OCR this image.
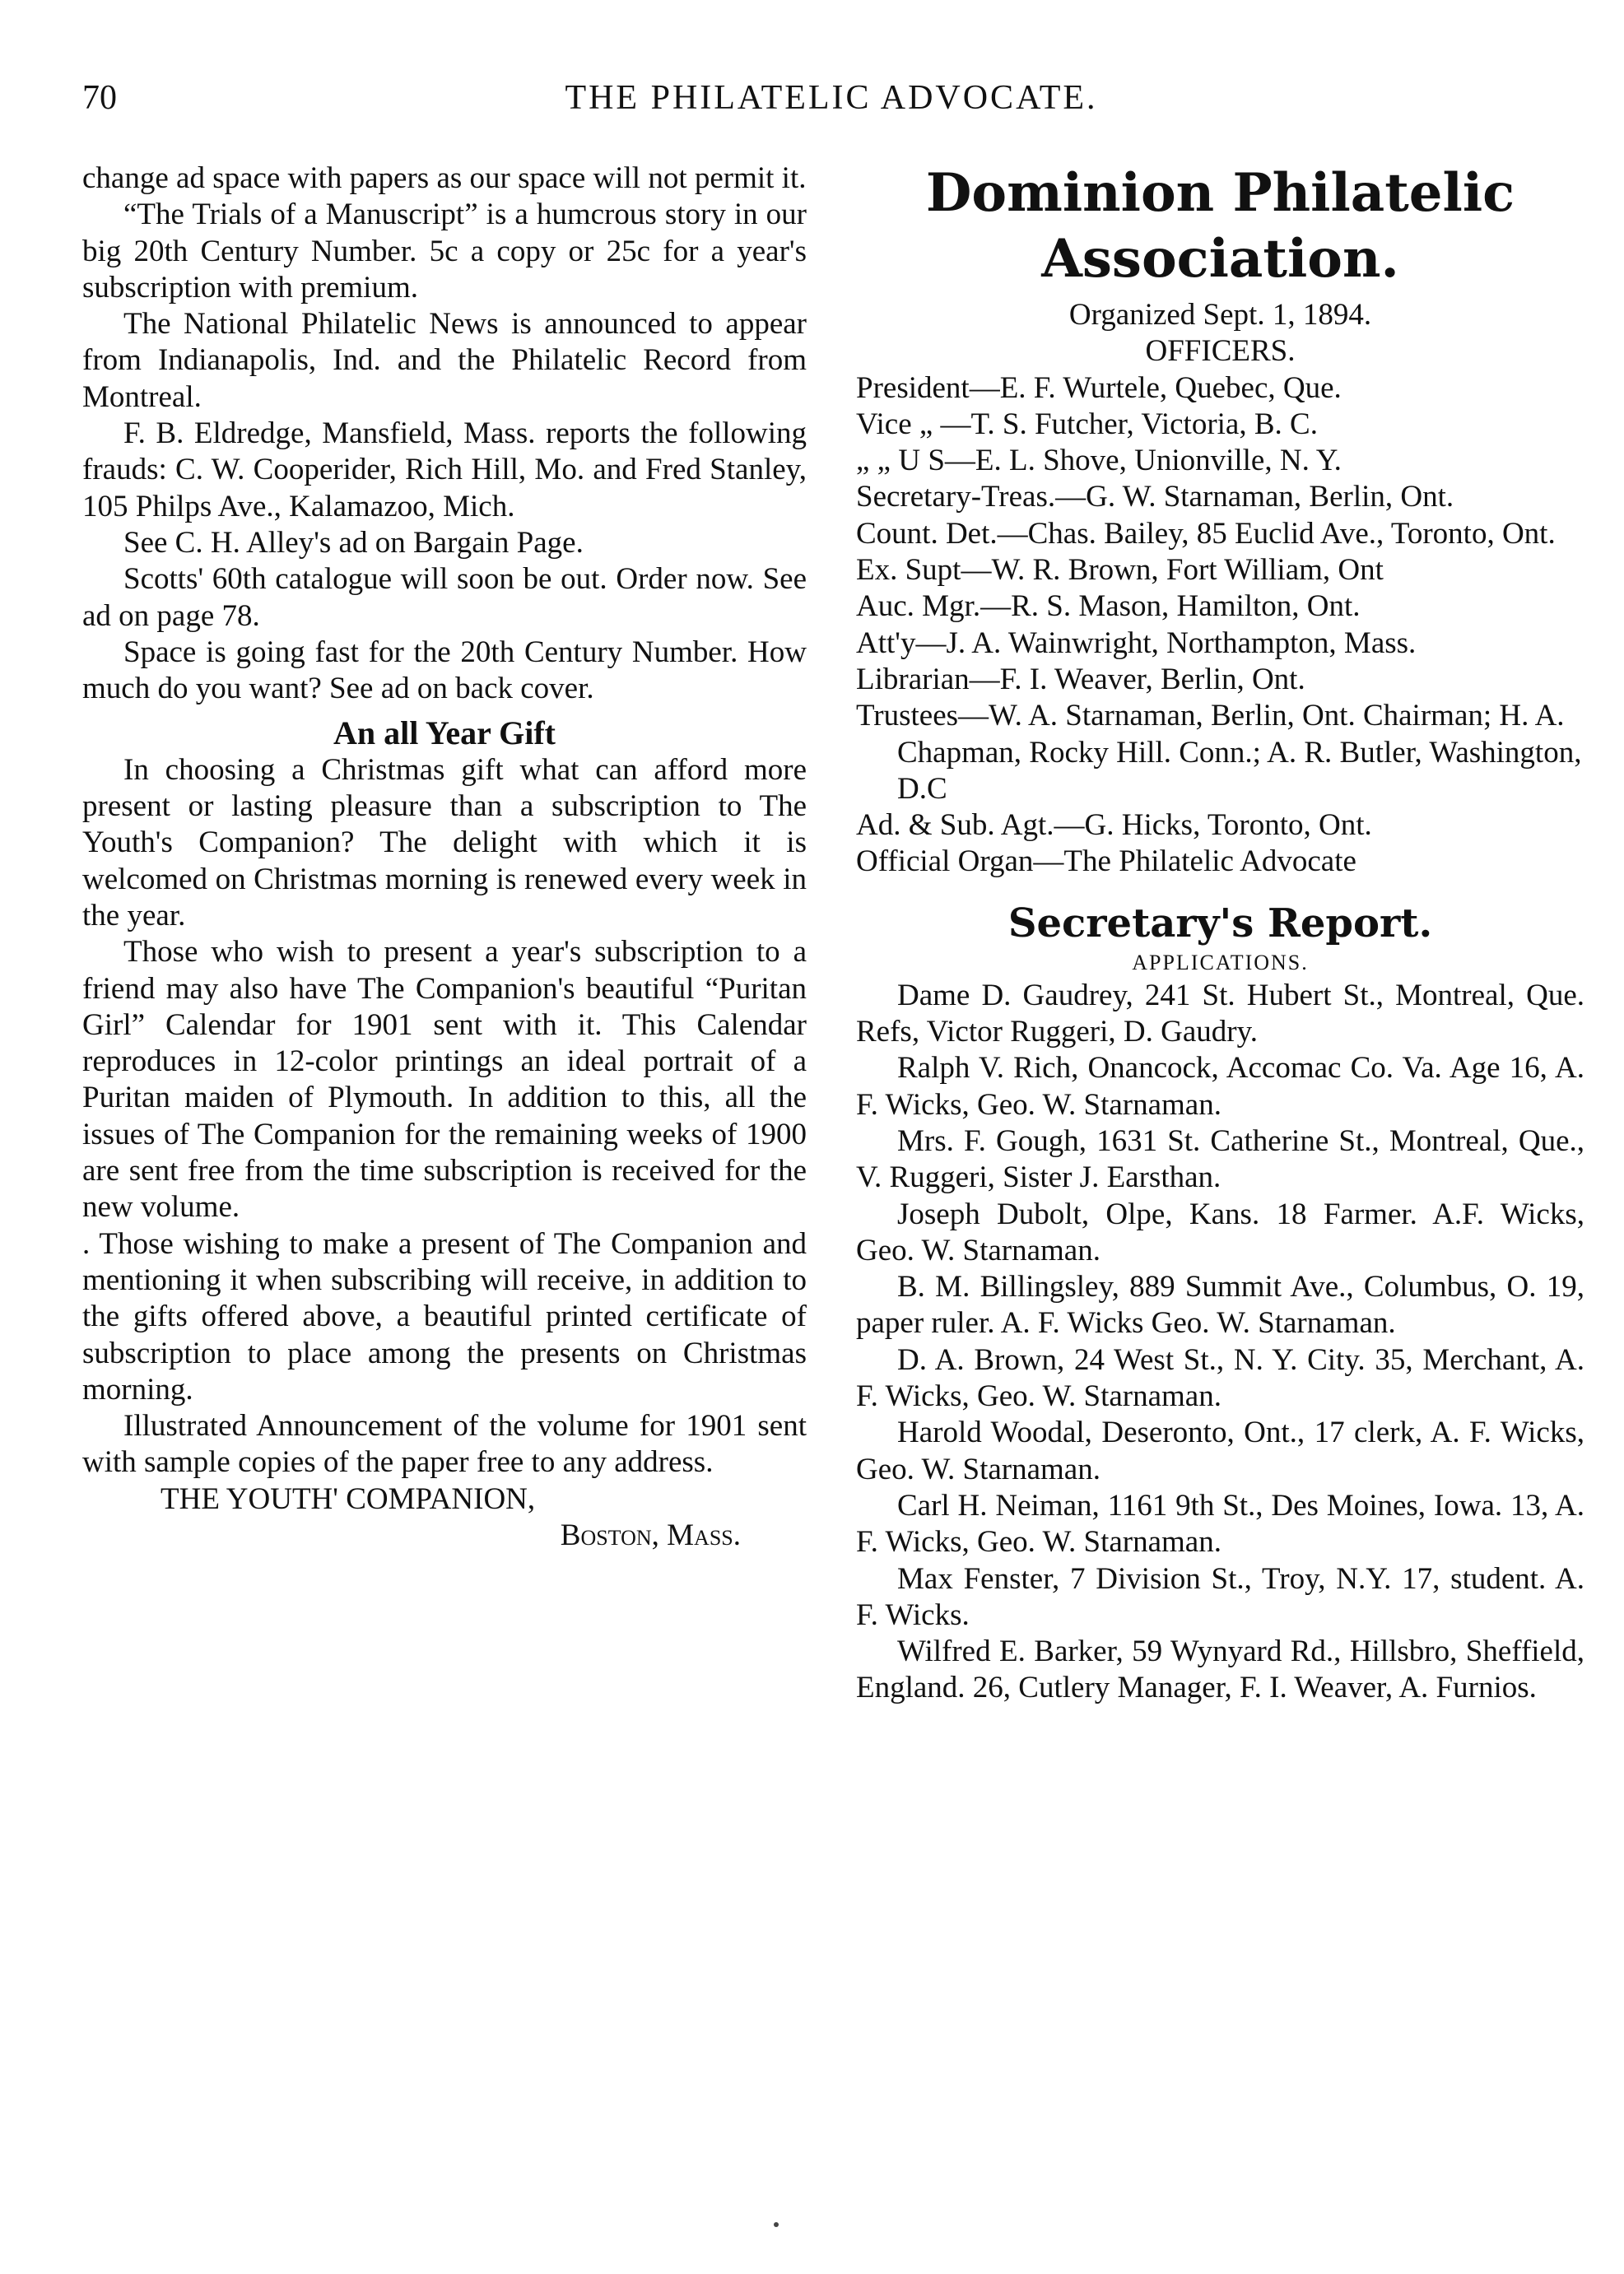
70	THE PHILATELIC ADVOCATE.

change ad space with papers as our space will not permit it.

“The Trials of a Manuscript” is a humcrous story in our big 20th Century Number. 5c a copy or 25c for a year's subscription with premium.

The National Philatelic News is announced to appear from Indianapolis, Ind. and the Philatelic Record from Montreal.

F. B. Eldredge, Mansfield, Mass. reports the following frauds: C. W. Cooperider, Rich Hill, Mo. and Fred Stanley, 105 Philps Ave., Kalamazoo, Mich.

See C. H. Alley's ad on Bargain Page.

Scotts' 60th catalogue will soon be out. Order now. See ad on page 78.

Space is going fast for the 20th Century Number. How much do you want? See ad on back cover.

An all Year Gift

In choosing a Christmas gift what can afford more present or lasting pleasure than a subscription to The Youth's Companion? The delight with which it is welcomed on Christmas morning is renewed every week in the year.

Those who wish to present a year's subscription to a friend may also have The Companion's beautiful “Puritan Girl” Calendar for 1901 sent with it. This Calendar reproduces in 12-color printings an ideal portrait of a Puritan maiden of Plymouth. In addition to this, all the issues of The Companion for the remaining weeks of 1900 are sent free from the time subscription is received for the new volume.

. Those wishing to make a present of The Companion and mentioning it when subscribing will receive, in addition to the gifts offered above, a beautiful printed certificate of subscription to place among the presents on Christmas morning.

Illustrated Announcement of the volume for 1901 sent with sample copies of the paper free to any address.

THE YOUTH' COMPANION,

Boston, Mass.

Dominion Philatelic
Association.
Organized Sept. 1, 1894.
OFFICERS.
President—E. F. Wurtele, Quebec, Que.
Vice „ —T. S. Futcher, Victoria, B. C.
„ „ U S—E. L. Shove, Unionville, N. Y.
Secretary-Treas.—G. W. Starnaman, Berlin, Ont.
Count. Det.—Chas. Bailey, 85 Euclid Ave., Toronto, Ont.
Ex. Supt—W. R. Brown, Fort William, Ont
Auc. Mgr.—R. S. Mason, Hamilton, Ont.
Att'y—J. A. Wainwright, Northampton, Mass.
Librarian—F. I. Weaver, Berlin, Ont.
Trustees—W. A. Starnaman, Berlin, Ont. Chairman; H. A. Chapman, Rocky Hill. Conn.; A. R. Butler, Washington, D.C
Ad. & Sub. Agt.—G. Hicks, Toronto, Ont.
Official Organ—The Philatelic Advocate
Secretary's Report.
APPLICATIONS.

Dame D. Gaudrey, 241 St. Hubert St., Montreal, Que. Refs, Victor Ruggeri, D. Gaudry.

Ralph V. Rich, Onancock, Accomac Co. Va. Age 16, A. F. Wicks, Geo. W. Starnaman.

Mrs. F. Gough, 1631 St. Catherine St., Montreal, Que., V. Ruggeri, Sister J. Earsthan.

Joseph Dubolt, Olpe, Kans. 18 Farmer. A.F. Wicks, Geo. W. Starnaman.

B. M. Billingsley, 889 Summit Ave., Columbus, O. 19, paper ruler. A. F. Wicks Geo. W. Starnaman.

D. A. Brown, 24 West St., N. Y. City. 35, Merchant, A. F. Wicks, Geo. W. Starnaman.

Harold Woodal, Deseronto, Ont., 17 clerk, A. F. Wicks, Geo. W. Starnaman.

Carl H. Neiman, 1161 9th St., Des Moines, Iowa. 13, A. F. Wicks, Geo. W. Starnaman.

Max Fenster, 7 Division St., Troy, N.Y. 17, student. A. F. Wicks.

Wilfred E. Barker, 59 Wynyard Rd., Hillsbro, Sheffield, England. 26, Cutlery Manager, F. I. Weaver, A. Furnios.
